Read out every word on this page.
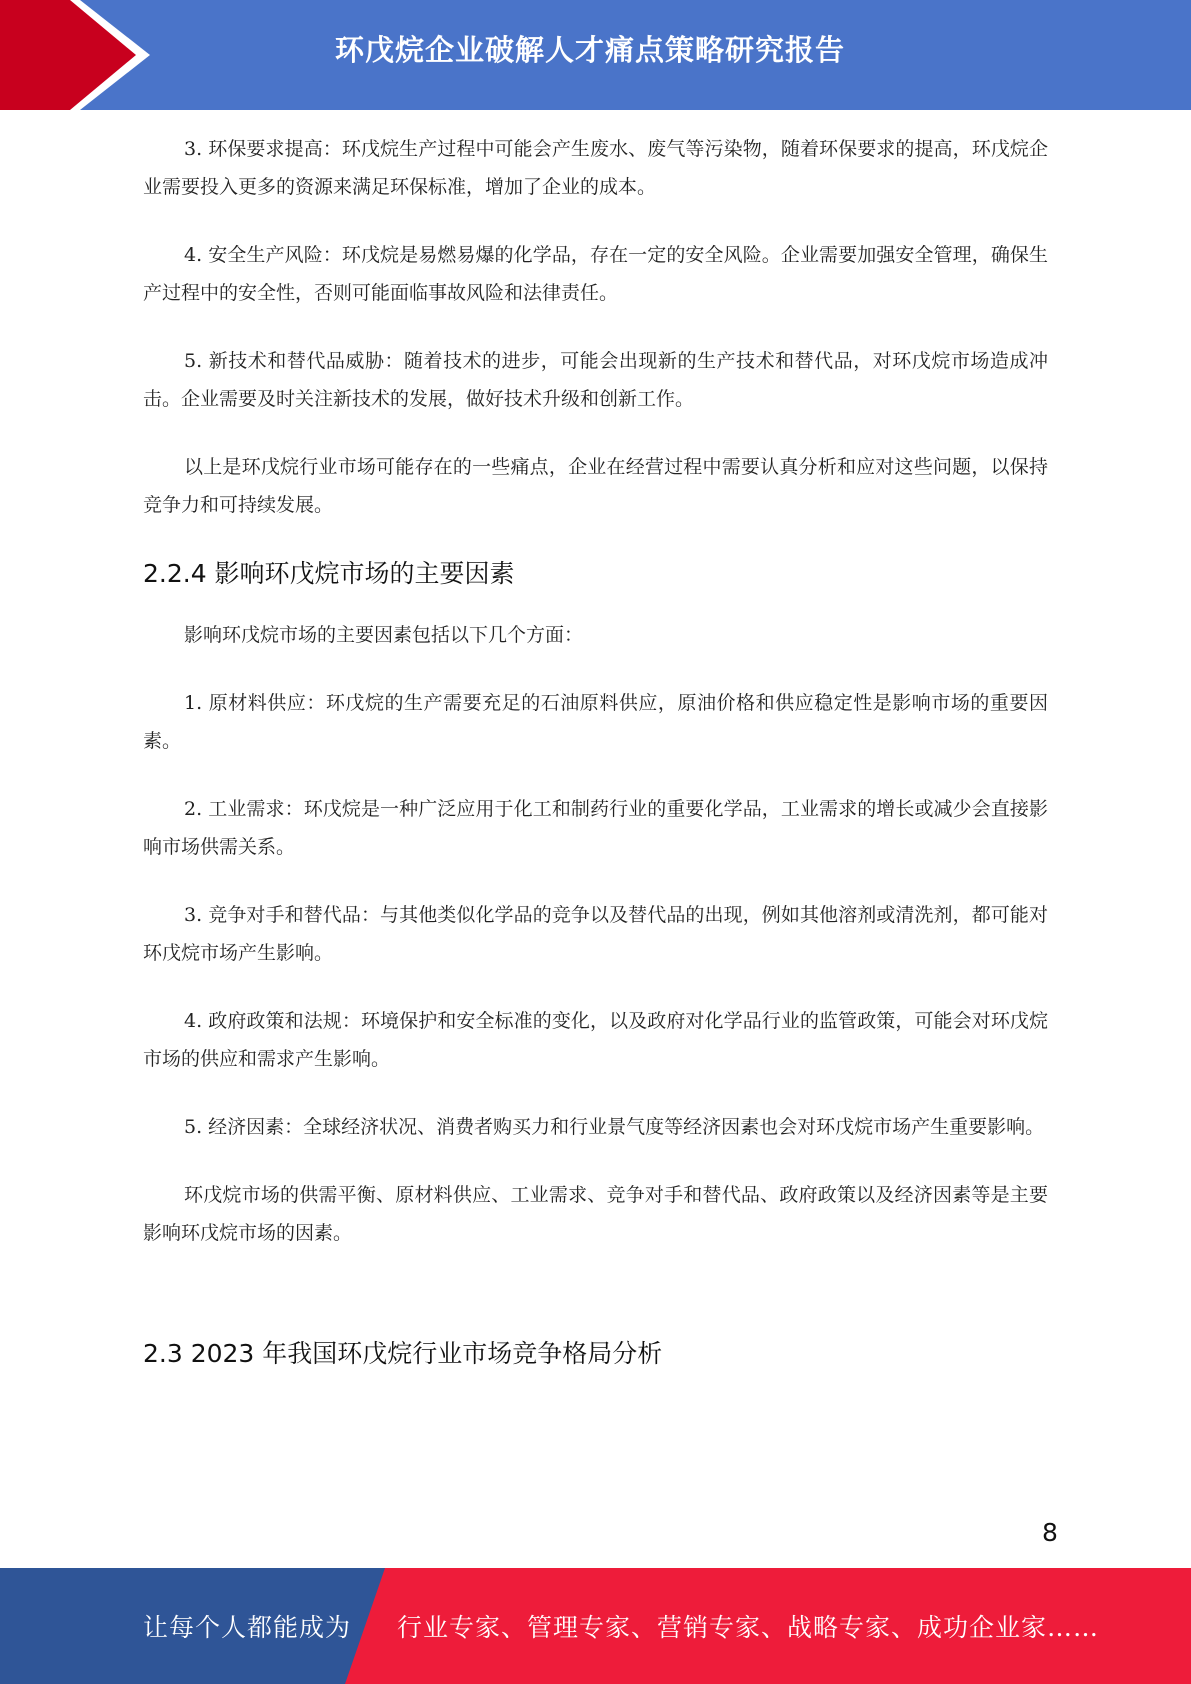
环戊烷企业破解人才痛点策略研究报告

3. 环保要求提高：环戊烷生产过程中可能会产生废水、废气等污染物，随着环保要求的提高，环戊烷企业需要投入更多的资源来满足环保标准，增加了企业的成本。

4. 安全生产风险：环戊烷是易燃易爆的化学品，存在一定的安全风险。企业需要加强安全管理，确保生产过程中的安全性，否则可能面临事故风险和法律责任。

5. 新技术和替代品威胁：随着技术的进步，可能会出现新的生产技术和替代品，对环戊烷市场造成冲击。企业需要及时关注新技术的发展，做好技术升级和创新工作。

以上是环戊烷行业市场可能存在的一些痛点，企业在经营过程中需要认真分析和应对这些问题，以保持竞争力和可持续发展。

2.2.4 影响环戊烷市场的主要因素

影响环戊烷市场的主要因素包括以下几个方面：

1. 原材料供应：环戊烷的生产需要充足的石油原料供应，原油价格和供应稳定性是影响市场的重要因素。

2. 工业需求：环戊烷是一种广泛应用于化工和制药行业的重要化学品，工业需求的增长或减少会直接影响市场供需关系。

3. 竞争对手和替代品：与其他类似化学品的竞争以及替代品的出现，例如其他溶剂或清洗剂，都可能对环戊烷市场产生影响。

4. 政府政策和法规：环境保护和安全标准的变化，以及政府对化学品行业的监管政策，可能会对环戊烷市场的供应和需求产生影响。

5. 经济因素：全球经济状况、消费者购买力和行业景气度等经济因素也会对环戊烷市场产生重要影响。

环戊烷市场的供需平衡、原材料供应、工业需求、竞争对手和替代品、政府政策以及经济因素等是主要影响环戊烷市场的因素。

2.3 2023 年我国环戊烷行业市场竞争格局分析
8
让每个人都能成为 行业专家、管理专家、营销专家、战略专家、成功企业家……
